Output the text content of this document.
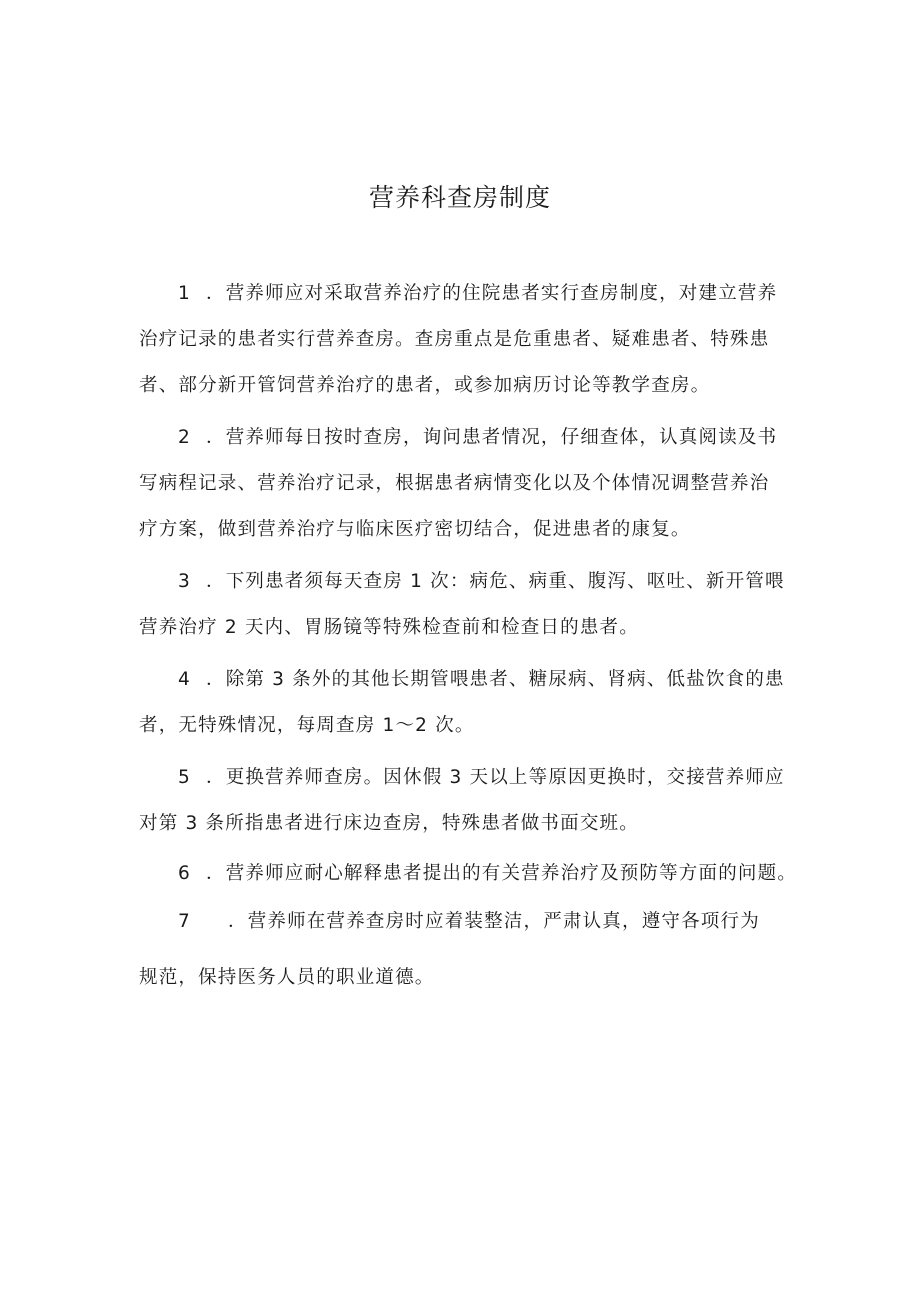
营养科查房制度

1 ．营养师应对采取营养治疗的住院患者实行查房制度，对建立营养

治疗记录的患者实行营养查房。查房重点是危重患者、疑难患者、特殊患

者、部分新开管饲营养治疗的患者，或参加病历讨论等教学查房。

2 ．营养师每日按时查房，询问患者情况，仔细查体，认真阅读及书

写病程记录、营养治疗记录，根据患者病情变化以及个体情况调整营养治

疗方案，做到营养治疗与临床医疗密切结合，促进患者的康复。

3 ．下列患者须每天查房 1 次：病危、病重、腹泻、呕吐、新开管喂

营养治疗 2 天内、胃肠镜等特殊检查前和检查日的患者。

4 ．除第 3 条外的其他长期管喂患者、糖尿病、肾病、低盐饮食的患

者，无特殊情况，每周查房 1～2 次。

5 ．更换营养师查房。因休假 3 天以上等原因更换时，交接营养师应

对第 3 条所指患者进行床边查房，特殊患者做书面交班。

6 ．营养师应耐心解释患者提出的有关营养治疗及预防等方面的问题。

7 ．营养师在营养查房时应着装整洁，严肃认真，遵守各项行为

规范，保持医务人员的职业道德。
